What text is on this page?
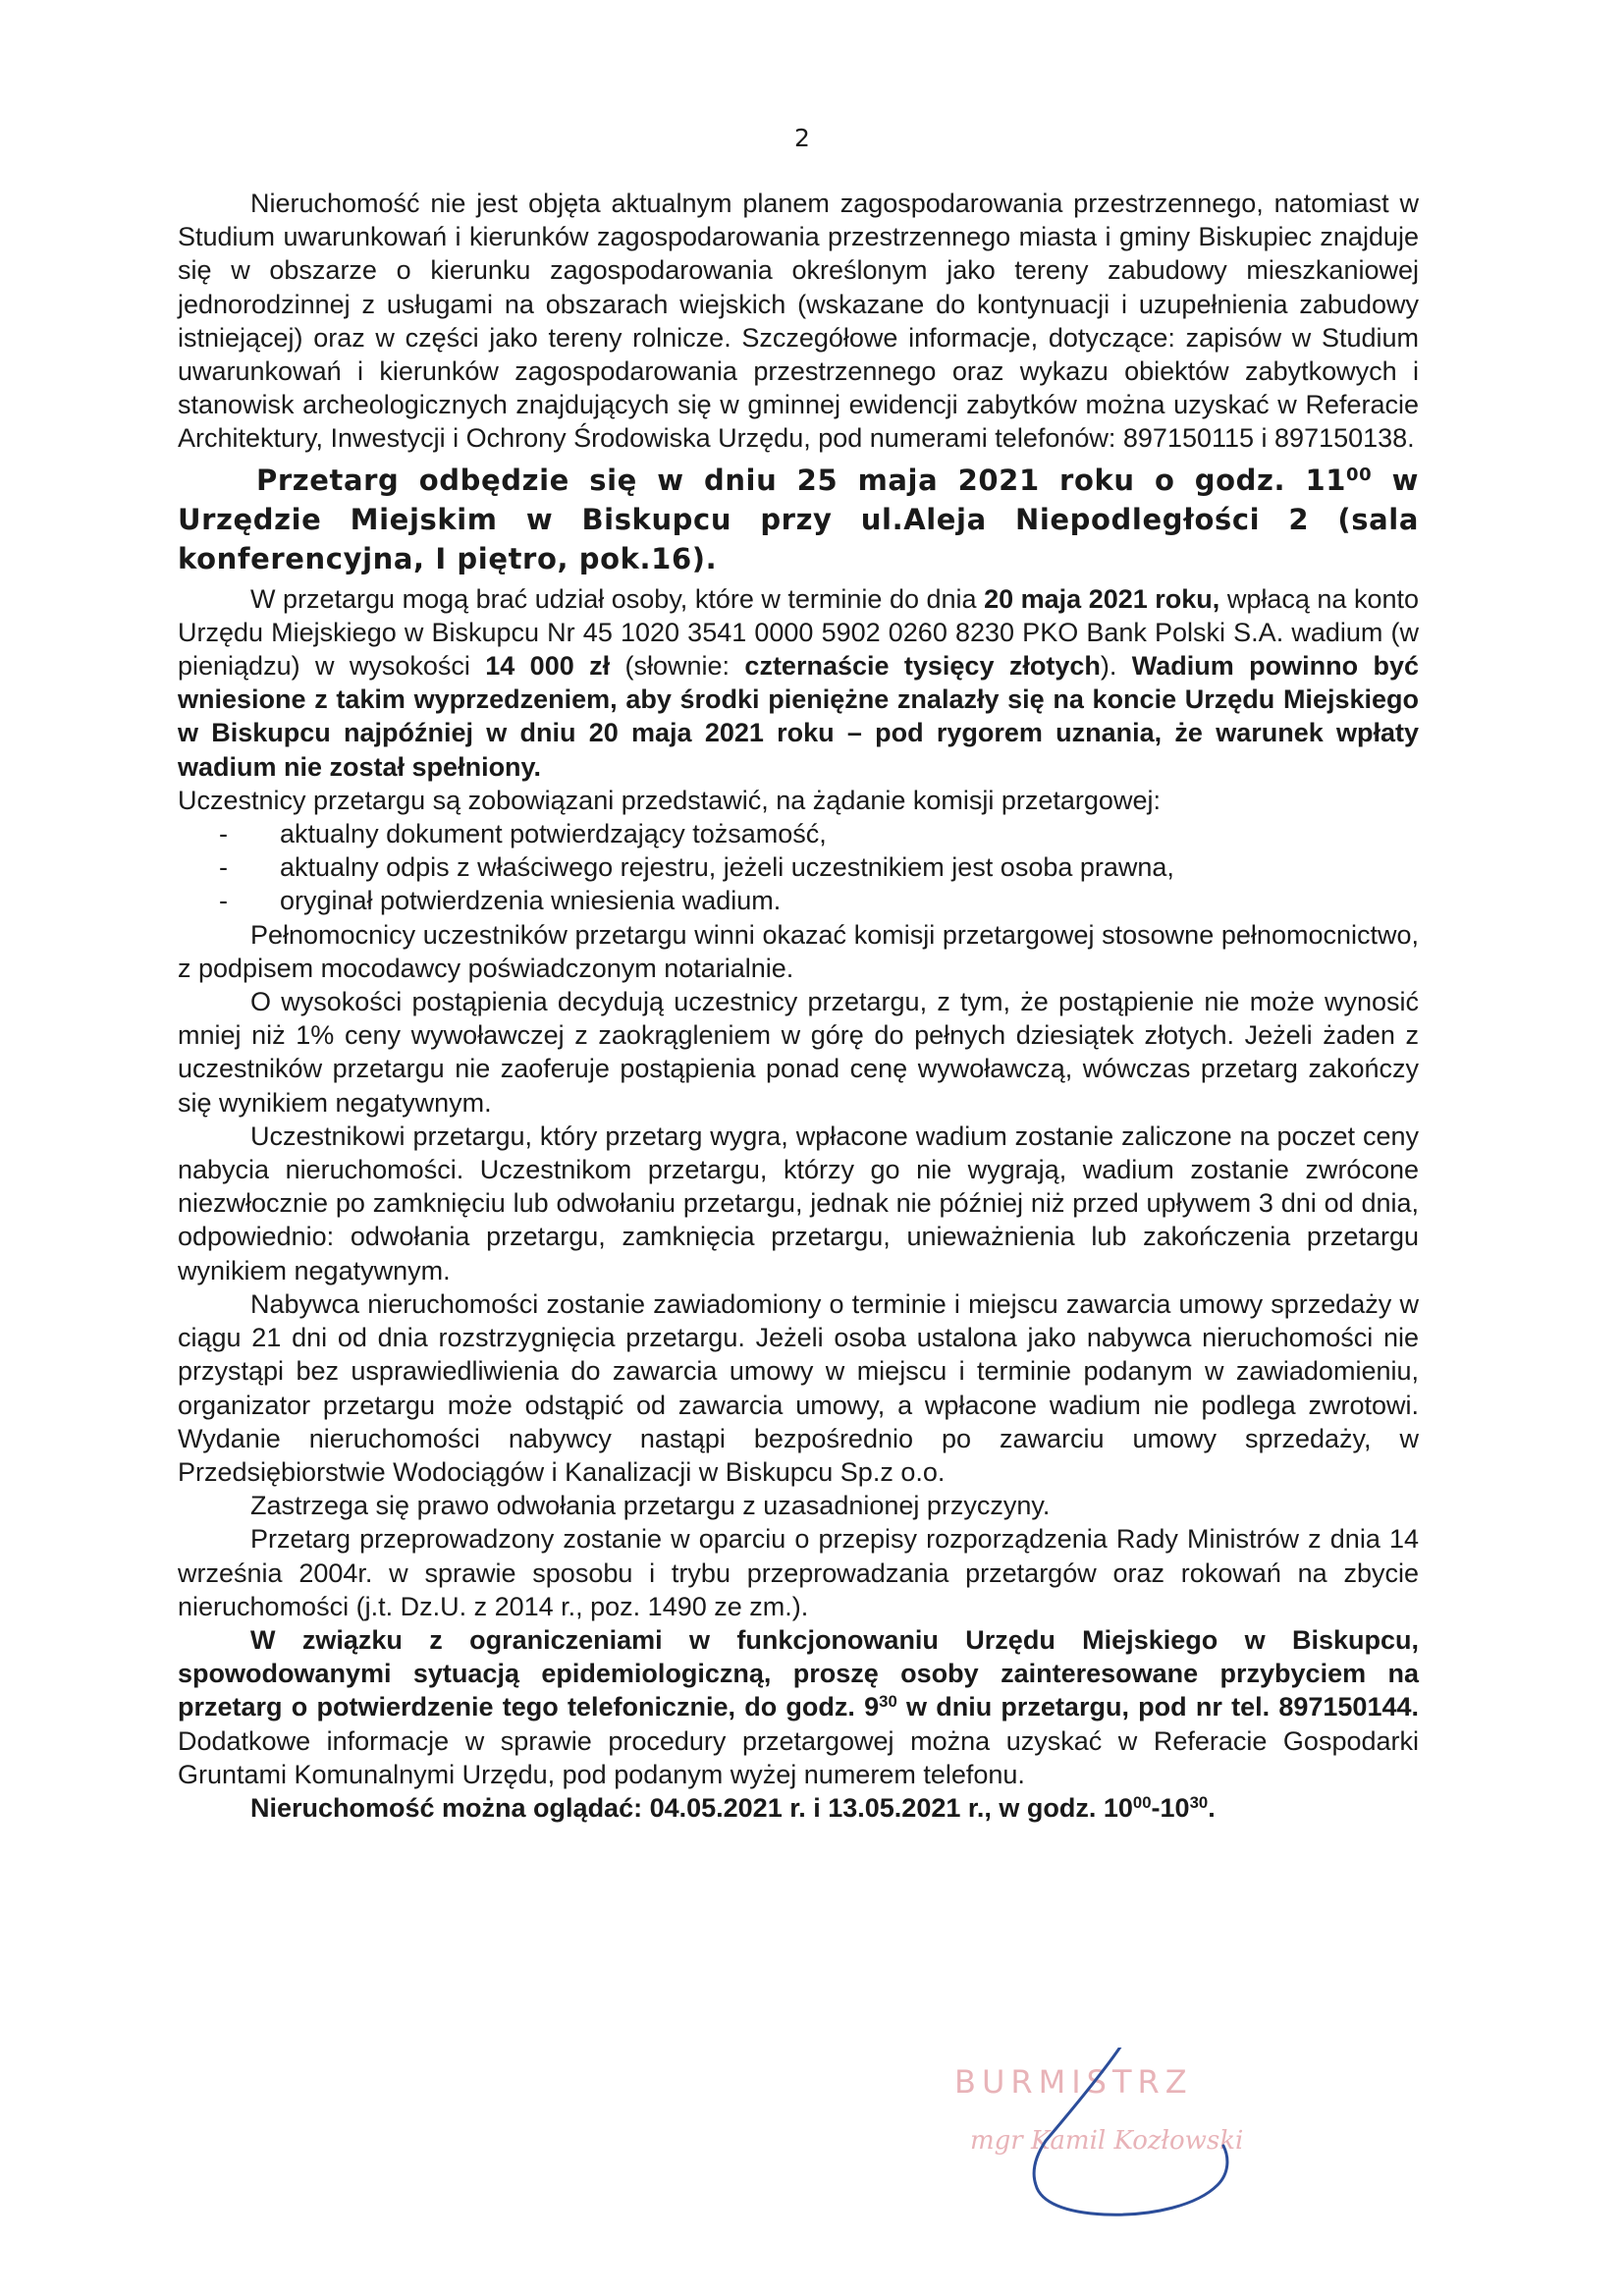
2

Nieruchomość nie jest objęta aktualnym planem zagospodarowania przestrzennego, natomiast w Studium uwarunkowań i kierunków zagospodarowania przestrzennego miasta i gminy Biskupiec znajduje się w obszarze o kierunku zagospodarowania określonym jako tereny zabudowy mieszkaniowej jednorodzinnej z usługami na obszarach wiejskich (wskazane do kontynuacji i uzupełnienia zabudowy istniejącej) oraz w części jako tereny rolnicze. Szczegółowe informacje, dotyczące: zapisów w Studium uwarunkowań i kierunków zagospodarowania przestrzennego oraz wykazu obiektów zabytkowych i stanowisk archeologicznych znajdujących się w gminnej ewidencji zabytków można uzyskać w Referacie Architektury, Inwestycji i Ochrony Środowiska Urzędu, pod numerami telefonów: 897150115 i 897150138.

Przetarg odbędzie się w dniu 25 maja 2021 roku o godz. $11^{00}$ w Urzędzie Miejskim w Biskupcu przy ul.Aleja Niepodległości 2 (sala konferencyjna, I piętro, pok.16).

W przetargu mogą brać udział osoby, które w terminie do dnia 20 maja 2021 roku, wpłacą na konto Urzędu Miejskiego w Biskupcu Nr 45 1020 3541 0000 5902 0260 8230 PKO Bank Polski S.A. wadium (w pieniądzu) w wysokości 14 000 zł (słownie: czternaście tysięcy złotych). Wadium powinno być wniesione z takim wyprzedzeniem, aby środki pieniężne znalazły się na koncie Urzędu Miejskiego w Biskupcu najpóźniej w dniu 20 maja 2021 roku – pod rygorem uznania, że warunek wpłaty wadium nie został spełniony.

Uczestnicy przetargu są zobowiązani przedstawić, na żądanie komisji przetargowej:

- aktualny dokument potwierdzający tożsamość,
- aktualny odpis z właściwego rejestru, jeżeli uczestnikiem jest osoba prawna,
- oryginał potwierdzenia wniesienia wadium.

Pełnomocnicy uczestników przetargu winni okazać komisji przetargowej stosowne pełnomocnictwo, z podpisem mocodawcy poświadczonym notarialnie.

O wysokości postąpienia decydują uczestnicy przetargu, z tym, że postąpienie nie może wynosić mniej niż 1% ceny wywoławczej z zaokrągleniem w górę do pełnych dziesiątek złotych. Jeżeli żaden z uczestników przetargu nie zaoferuje postąpienia ponad cenę wywoławczą, wówczas przetarg zakończy się wynikiem negatywnym.

Uczestnikowi przetargu, który przetarg wygra, wpłacone wadium zostanie zaliczone na poczet ceny nabycia nieruchomości. Uczestnikom przetargu, którzy go nie wygrają, wadium zostanie zwrócone niezwłocznie po zamknięciu lub odwołaniu przetargu, jednak nie później niż przed upływem 3 dni od dnia, odpowiednio: odwołania przetargu, zamknięcia przetargu, unieważnienia lub zakończenia przetargu wynikiem negatywnym.

Nabywca nieruchomości zostanie zawiadomiony o terminie i miejscu zawarcia umowy sprzedaży w ciągu 21 dni od dnia rozstrzygnięcia przetargu. Jeżeli osoba ustalona jako nabywca nieruchomości nie przystąpi bez usprawiedliwienia do zawarcia umowy w miejscu i terminie podanym w zawiadomieniu, organizator przetargu może odstąpić od zawarcia umowy, a wpłacone wadium nie podlega zwrotowi. Wydanie nieruchomości nabywcy nastąpi bezpośrednio po zawarciu umowy sprzedaży, w Przedsiębiorstwie Wodociągów i Kanalizacji w Biskupcu Sp.z o.o.

Zastrzega się prawo odwołania przetargu z uzasadnionej przyczyny.

Przetarg przeprowadzony zostanie w oparciu o przepisy rozporządzenia Rady Ministrów z dnia 14 września 2004r. w sprawie sposobu i trybu przeprowadzania przetargów oraz rokowań na zbycie nieruchomości (j.t. Dz.U. z 2014 r., poz. 1490 ze zm.).

W związku z ograniczeniami w funkcjonowaniu Urzędu Miejskiego w Biskupcu, spowodowanymi sytuacją epidemiologiczną, proszę osoby zainteresowane przybyciem na przetarg o potwierdzenie tego telefonicznie, do godz. $9^{30}$ w dniu przetargu, pod nr tel. 897150144. Dodatkowe informacje w sprawie procedury przetargowej można uzyskać w Referacie Gospodarki Gruntami Komunalnymi Urzędu, pod podanym wyżej numerem telefonu.

Nieruchomość można oglądać: 04.05.2021 r. i 13.05.2021 r., w godz. $10^{00}-10^{30}$.

BURMISTRZ
mgr Kamil Kozłowski
